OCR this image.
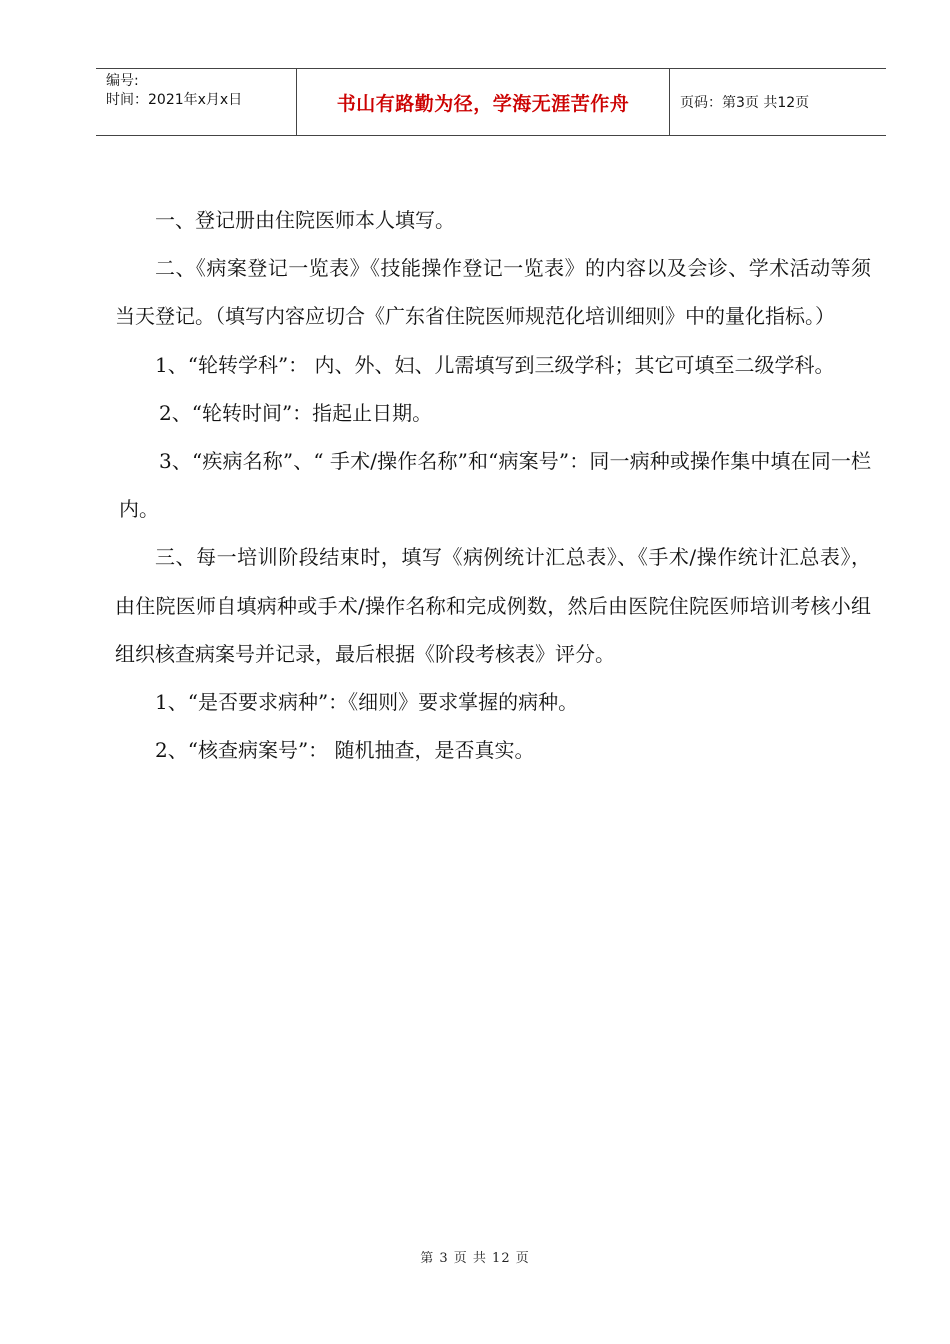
编号:
时间：2021年x月x日	书山有路勤为径，学海无涯苦作舟	页码：第3页 共12页

一、登记册由住院医师本人填写。

二、《病案登记一览表》《技能操作登记一览表》的内容以及会诊、学术活动等须当天登记。（填写内容应切合《广东省住院医师规范化培训细则》中的量化指标。）

1、“轮转学科”： 内、外、妇、儿需填写到三级学科；其它可填至二级学科。

2、“轮转时间”：指起止日期。

3、“疾病名称”、“ 手术/操作名称”和“病案号”：同一病种或操作集中填在同一栏内。

三、每一培训阶段结束时，填写《病例统计汇总表》、《手术/操作统计汇总表》，由住院医师自填病种或手术/操作名称和完成例数，然后由医院住院医师培训考核小组组织核查病案号并记录，最后根据《阶段考核表》评分。

1、“是否要求病种”：《细则》要求掌握的病种。

2、“核查病案号”： 随机抽查，是否真实。

第 3 页 共 12 页
